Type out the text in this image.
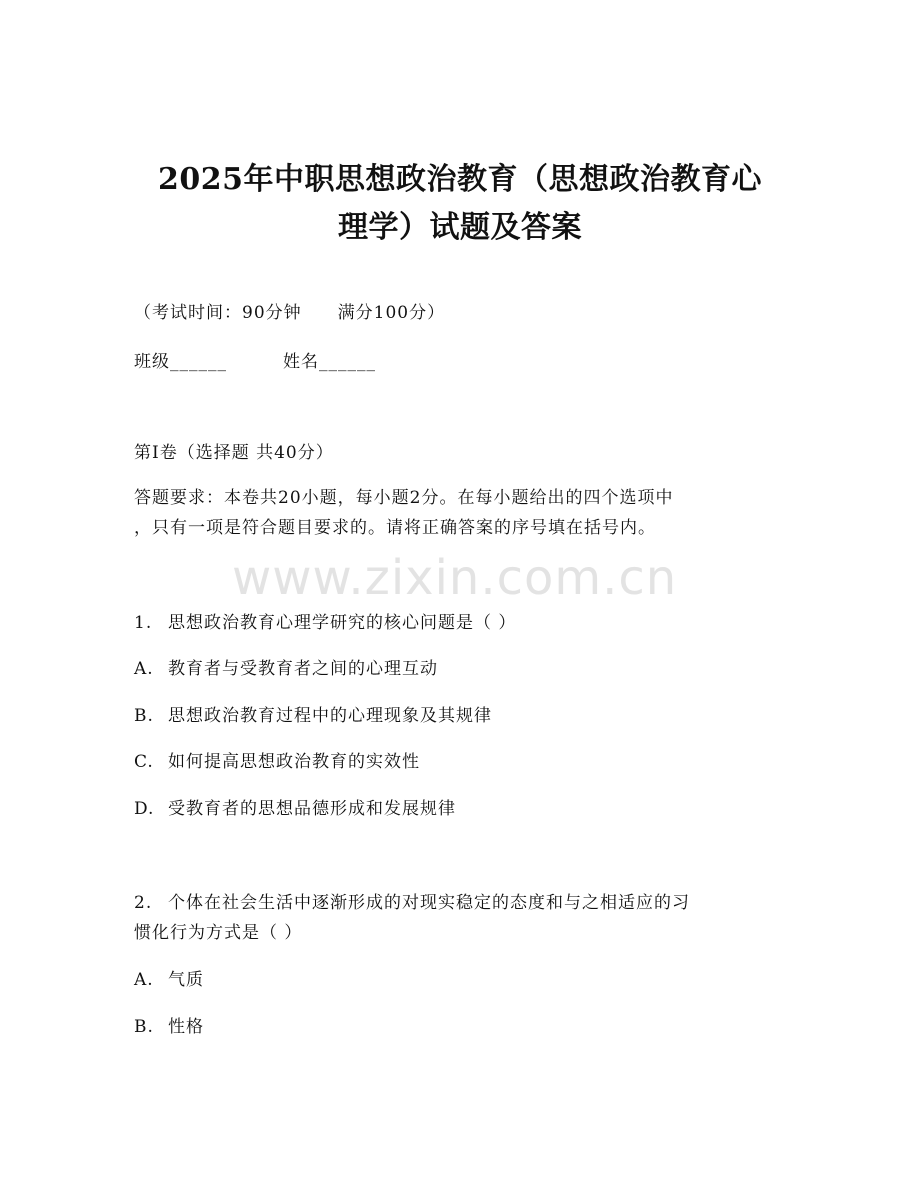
2025年中职思想政治教育（思想政治教育心
理学）试题及答案
（考试时间：90分钟 满分100分）
班级______	姓名______
第I卷（选择题 共40分）
答题要求：本卷共20小题，每小题2分。在每小题给出的四个选项中
，只有一项是符合题目要求的。请将正确答案的序号填在括号内。
www.zixin.com.cn
1. 思想政治教育心理学研究的核心问题是（ ）
A. 教育者与受教育者之间的心理互动
B. 思想政治教育过程中的心理现象及其规律
C. 如何提高思想政治教育的实效性
D. 受教育者的思想品德形成和发展规律
2. 个体在社会生活中逐渐形成的对现实稳定的态度和与之相适应的习
惯化行为方式是（ ）
A. 气质
B. 性格
